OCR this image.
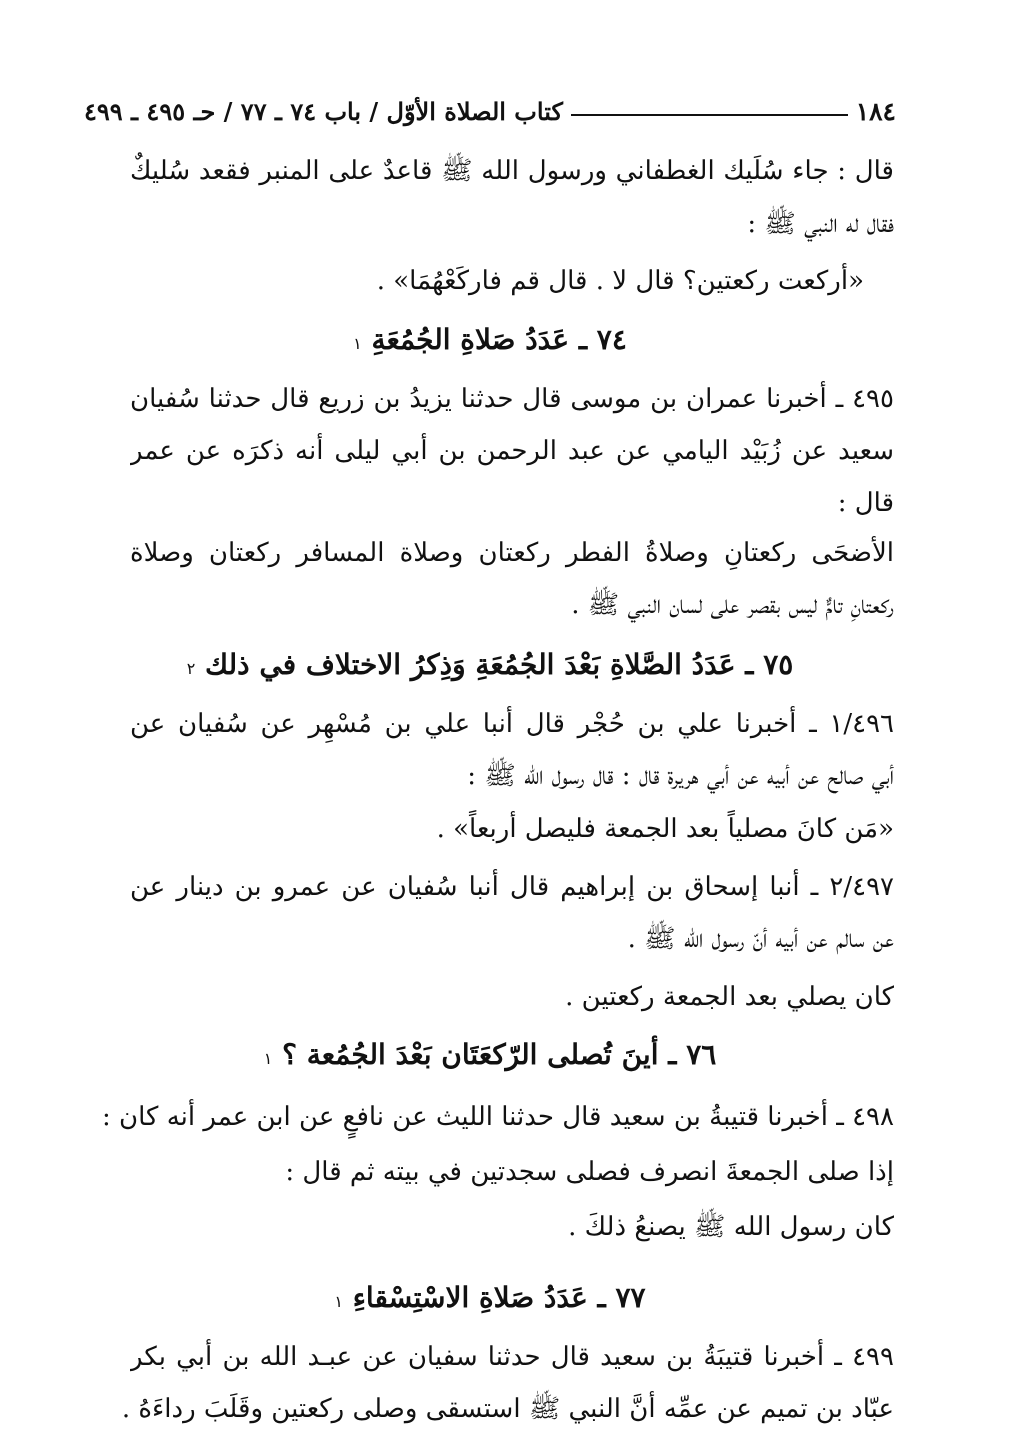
١٨٤
كتاب الصلاة الأوّل / باب ٧٤ ـ ٧٧ / حـ ٤٩٥ ـ ٤٩٩
قال : جاء سُلَيك الغطفاني ورسول الله ﷺ قاعدٌ على المنبر فقعد سُليكٌ
فقال له النبي ﷺ :
«أركعت ركعتين؟ قال لا . قال قم فاركَعْهُمَا» .
٧٤ ـ عَدَدُ صَلاةِ الجُمُعَةِ ١
٤٩٥ ـ أخبرنا عمران بن موسى قال حدثنا يزيدُ بن زريع قال حدثنا سُفيان
سعيد عن زُبَيْد اليامي عن عبد الرحمن بن أبي ليلى أنه ذكرَه عن عمر
قال :
الأضحَى ركعتانِ وصلاةُ الفطر ركعتان وصلاة المسافر ركعتان وصلاة
ركعتانِ تامٌّ ليس بقصر على لسان النبي ﷺ .
٧٥ ـ عَدَدُ الصَّلاةِ بَعْدَ الجُمُعَةِ وَذِكرُ الاختلاف في ذلك ٢
١/٤٩٦ ـ أخبرنا علي بن حُجْر قال أنبا علي بن مُسْهِر عن سُفيان عن
أبي صالح عن أبيه عن أبي هريرة قال : قال رسول الله ﷺ :
«مَن كانَ مصلياً بعد الجمعة فليصل أربعاً» .
٢/٤٩٧ ـ أنبا إسحاق بن إبراهيم قال أنبا سُفيان عن عمرو بن دينار عن
عن سالم عن أبيه أنّ رسول الله ﷺ .
كان يصلي بعد الجمعة ركعتين .
٧٦ ـ أينَ تُصلى الرّكعَتَان بَعْدَ الجُمُعة ؟ ١
٤٩٨ ـ أخبرنا قتيبةُ بن سعيد قال حدثنا الليث عن نافعٍ عن ابن عمر أنه كان :
إذا صلى الجمعةَ انصرف فصلى سجدتين في بيته ثم قال :
كان رسول الله ﷺ يصنعُ ذلكَ .
٧٧ ـ عَدَدُ صَلاةِ الاسْتِسْقاءِ ١
٤٩٩ ـ أخبرنا قتيبَةُ بن سعيد قال حدثنا سفيان عن عبـد الله بن أبي بكر
عبّاد بن تميم عن عمِّه أنَّ النبي ﷺ استسقى وصلى ركعتين وقَلَبَ رداءَهُ .
